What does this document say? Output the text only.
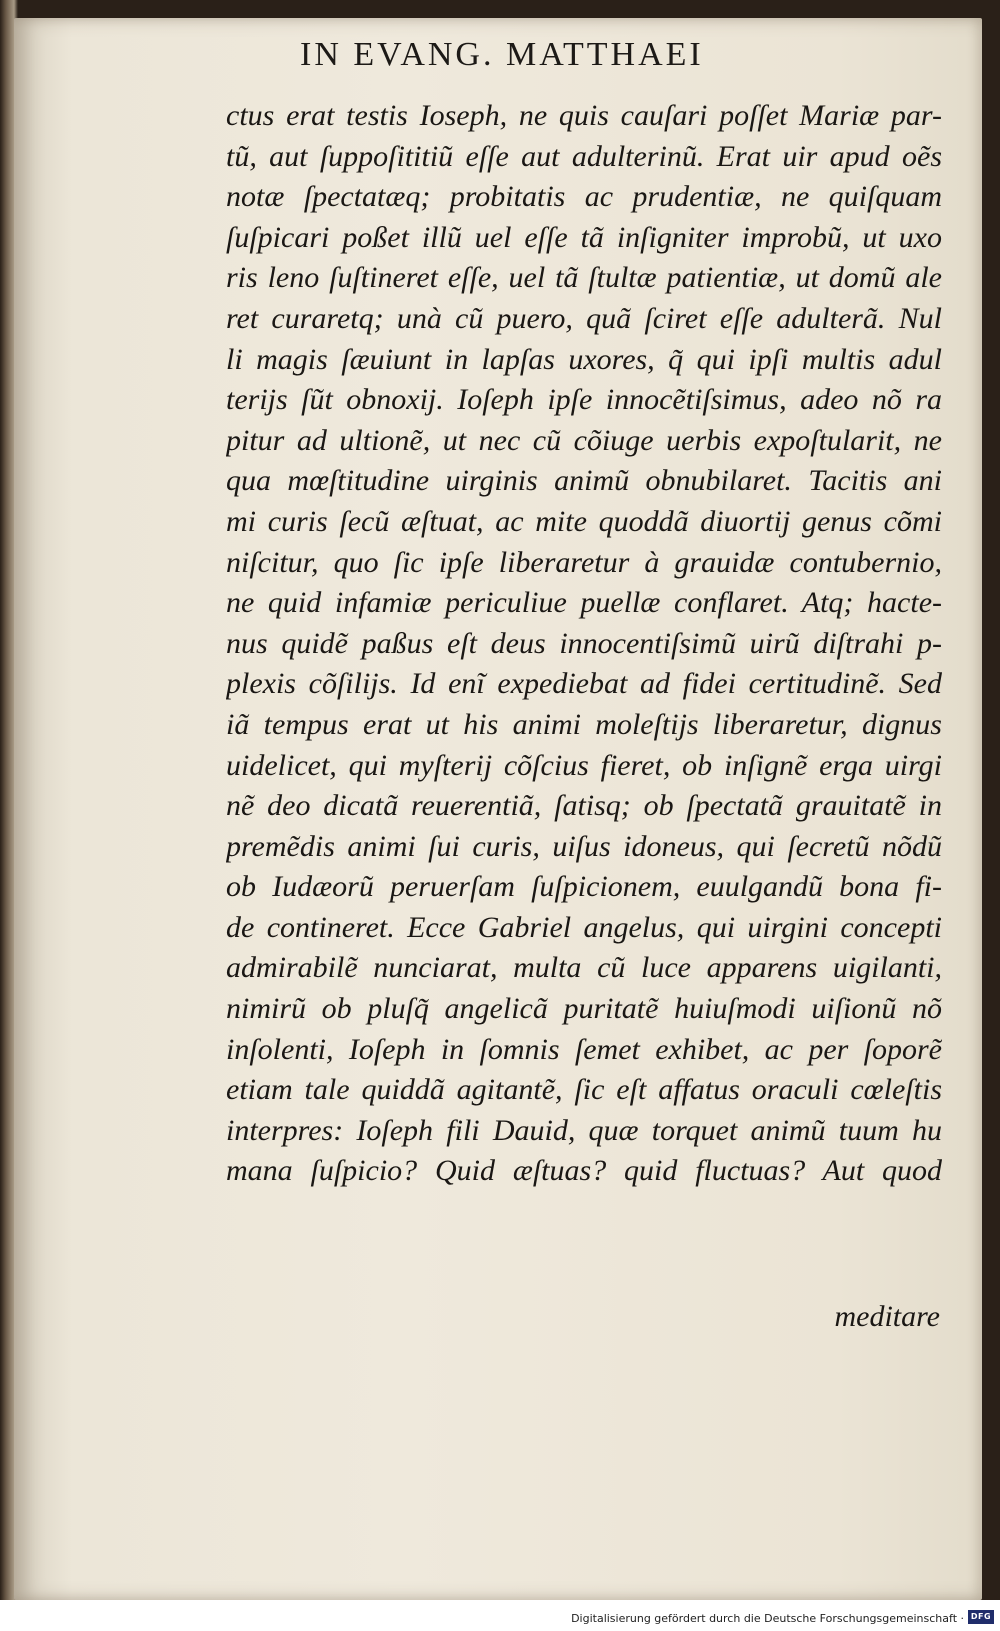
IN EVANG. MATTHAEI
ctus erat testis Ioseph, ne quis cauſari poſſet Mariæ par-
tũ, aut ſuppoſititiũ eſſe aut adulterinũ. Erat uir apud oẽs
notæ ſpectatæq; probitatis ac prudentiæ, ne quiſquam
ſuſpicari poßet illũ uel eſſe tã inſigniter improbũ, ut uxo
ris leno ſuſtineret eſſe, uel tã ſtultæ patientiæ, ut domũ ale
ret curaretq; unà cũ puero, quã ſciret eſſe adulterã. Nul
li magis ſæuiunt in lapſas uxores, q̃ qui ipſi multis adul
terijs ſũt obnoxij. Ioſeph ipſe innocẽtiſsimus, adeo nõ ra
pitur ad ultionẽ, ut nec cũ cõiuge uerbis expoſtularit, ne
qua mœſtitudine uirginis animũ obnubilaret. Tacitis ani
mi curis ſecũ æſtuat, ac mite quoddã diuortij genus cõmi
niſcitur, quo ſic ipſe liberaretur à grauidæ contubernio,
ne quid infamiæ periculiue puellæ conflaret. Atq; hacte-
nus quidẽ paßus eſt deus innocentiſsimũ uirũ diſtrahi p-
plexis cõſilijs. Id enĩ expediebat ad fidei certitudinẽ. Sed
iã tempus erat ut his animi moleſtijs liberaretur, dignus
uidelicet, qui myſterij cõſcius fieret, ob inſignẽ erga uirgi
nẽ deo dicatã reuerentiã, ſatisq; ob ſpectatã grauitatẽ in
premẽdis animi ſui curis, uiſus idoneus, qui ſecretũ nõdũ
ob Iudæorũ peruerſam ſuſpicionem, euulgandũ bona fi-
de contineret. Ecce Gabriel angelus, qui uirgini concepti
admirabilẽ nunciarat, multa cũ luce apparens uigilanti,
nimirũ ob pluſq̃ angelicã puritatẽ huiuſmodi uiſionũ nõ
inſolenti, Ioſeph in ſomnis ſemet exhibet, ac per ſoporẽ
etiam tale quiddã agitantẽ, ſic eſt affatus oraculi cœleſtis
interpres: Ioſeph fili Dauid, quæ torquet animũ tuum hu
mana ſuſpicio? Quid æſtuas? quid fluctuas? Aut quod
meditare
Digitalisierung gefördert durch die Deutsche Forschungsgemeinschaft · DFG
